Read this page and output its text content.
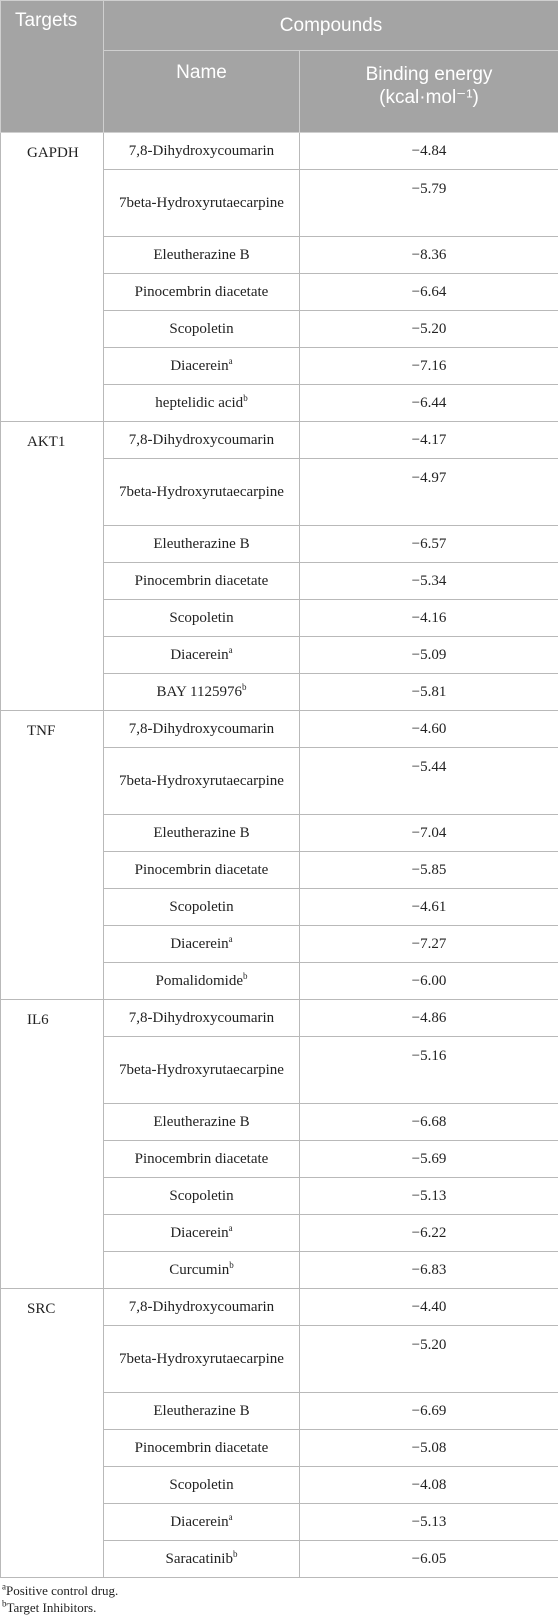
Targets	Compounds	
	Name	Binding energy
(kcal·mol⁻¹)
GAPDH	7,8-Dihydroxycoumarin	−4.84
	7beta-Hydroxyrutaecarpine	−5.79
	Eleutherazine B	−8.36
	Pinocembrin diacetate	−6.64
	Scopoletin	−5.20
	Diacerein$^a$	−7.16
	heptelidic acid$^b$	−6.44
AKT1	7,8-Dihydroxycoumarin	−4.17
	7beta-Hydroxyrutaecarpine	−4.97
	Eleutherazine B	−6.57
	Pinocembrin diacetate	−5.34
	Scopoletin	−4.16
	Diacerein$^a$	−5.09
	BAY $1125976^b$	−5.81
TNF	7,8-Dihydroxycoumarin	−4.60
	7beta-Hydroxyrutaecarpine	−5.44
	Eleutherazine B	−7.04
	Pinocembrin diacetate	−5.85
	Scopoletin	−4.61
	Diacerein$^a$	−7.27
	Pomalidomide$^b$	−6.00
IL6	7,8-Dihydroxycoumarin	−4.86
	7beta-Hydroxyrutaecarpine	−5.16
	Eleutherazine B	−6.68
	Pinocembrin diacetate	−5.69
	Scopoletin	−5.13
	Diacerein$^a$	−6.22
	Curcumin$^b$	−6.83
SRC	7,8-Dihydroxycoumarin	−4.40
	7beta-Hydroxyrutaecarpine	−5.20
	Eleutherazine B	−6.69
	Pinocembrin diacetate	−5.08
	Scopoletin	−4.08
	Diacerein$^a$	−5.13
	Saracatinib$^b$	−6.05
$^a$Positive control drug.
$^b$Target Inhibitors.
